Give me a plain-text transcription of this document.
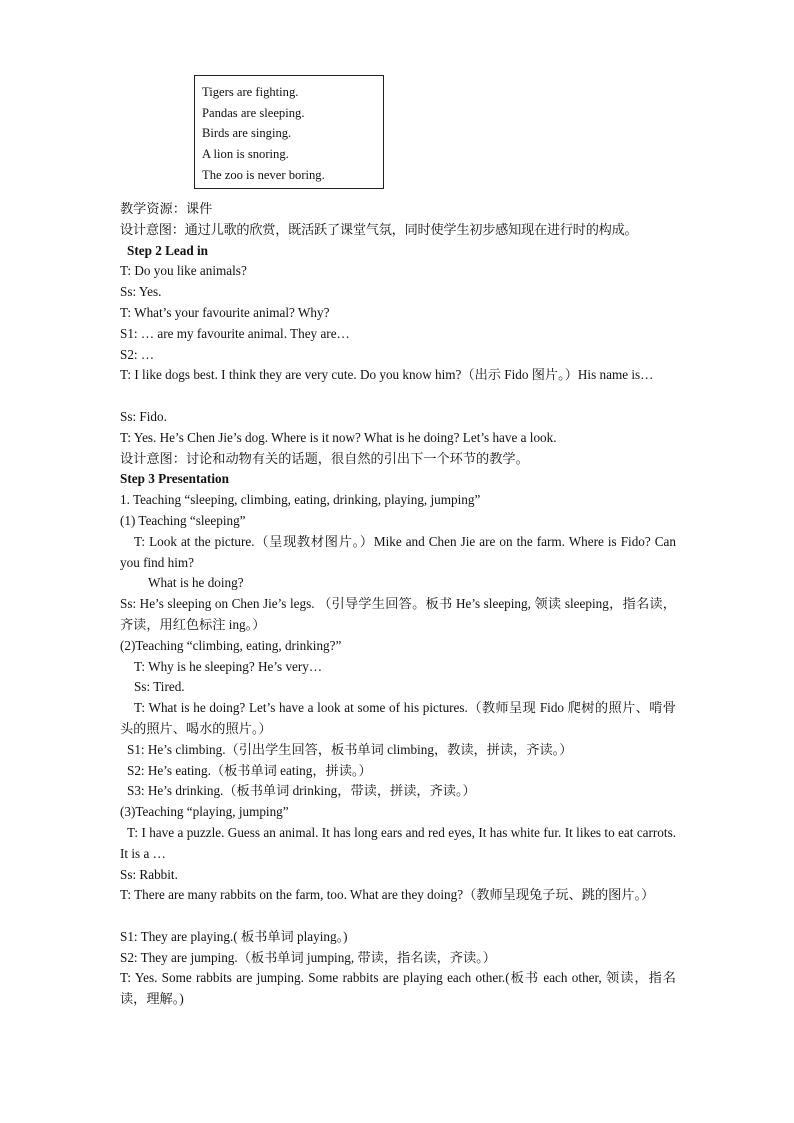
Tigers are fighting.
Pandas are sleeping.
Birds are singing.
A lion is snoring.
The zoo is never boring.
教学资源：课件
设计意图：通过儿歌的欣赏，既活跃了课堂气氛，同时使学生初步感知现在进行时的构成。
Step 2 Lead in
T: Do you like animals?
Ss: Yes.
T: What’s your favourite animal? Why?
S1: … are my favourite animal. They are…
S2: …
T: I like dogs best. I think they are very cute. Do you know him?（出示 Fido 图片。）His name is…
Ss: Fido.
T: Yes. He’s Chen Jie’s dog. Where is it now? What is he doing? Let’s have a look.
设计意图：讨论和动物有关的话题，很自然的引出下一个环节的教学。
Step 3 Presentation
1. Teaching “sleeping, climbing, eating, drinking, playing, jumping”
(1) Teaching “sleeping”
T: Look at the picture.（呈现教材图片。）Mike and Chen Jie are on the farm. Where is Fido? Can you find him?
What is he doing?
Ss: He’s sleeping on Chen Jie’s legs. （引导学生回答。板书 He’s sleeping, 领读 sleeping，指名读，齐读，用红色标注 ing。）
(2)Teaching “climbing, eating, drinking?”
T: Why is he sleeping? He’s very…
Ss: Tired.
T: What is he doing? Let’s have a look at some of his pictures.（教师呈现 Fido 爬树的照片、啃骨头的照片、喝水的照片。）
S1: He’s climbing.（引出学生回答，板书单词 climbing，教读，拼读，齐读。）
S2: He’s eating.（板书单词 eating，拼读。）
S3: He’s drinking.（板书单词 drinking，带读，拼读，齐读。）
(3)Teaching “playing, jumping”
T: I have a puzzle. Guess an animal. It has long ears and red eyes, It has white fur. It likes to eat carrots. It is a …
Ss: Rabbit.
T: There are many rabbits on the farm, too. What are they doing?（教师呈现兔子玩、跳的图片。）
S1: They are playing.( 板书单词 playing。)
S2: They are jumping.（板书单词 jumping, 带读，指名读，齐读。）
T: Yes. Some rabbits are jumping. Some rabbits are playing each other.(板书 each other, 领读，指名读，理解。)
